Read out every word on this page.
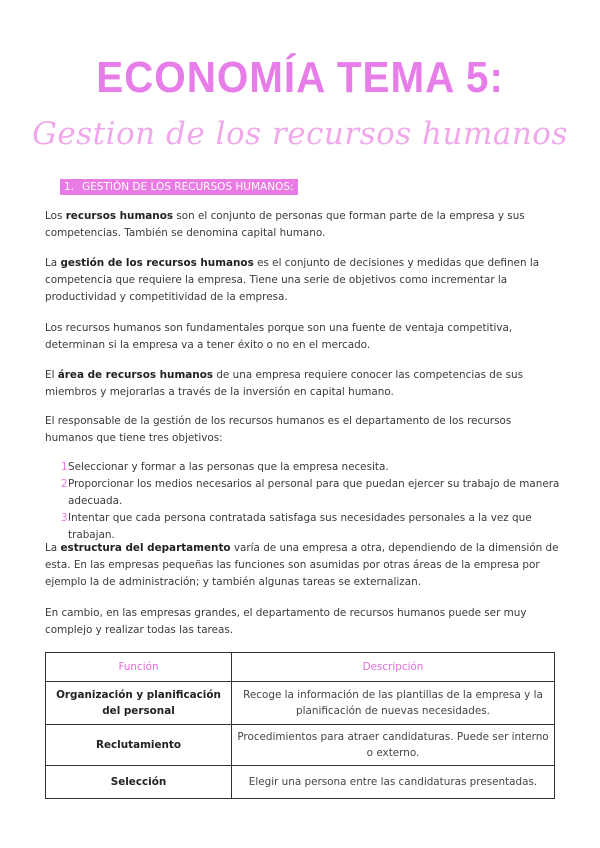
ECONOMÍA TEMA 5:
Gestion de los recursos humanos
1. GESTIÓN DE LOS RECURSOS HUMANOS:

Los recursos humanos son el conjunto de personas que forman parte de la empresa y sus competencias. También se denomina capital humano.

La gestión de los recursos humanos es el conjunto de decisiones y medidas que definen la competencia que requiere la empresa. Tiene una serie de objetivos como incrementar la productividad y competitividad de la empresa.

Los recursos humanos son fundamentales porque son una fuente de ventaja competitiva, determinan si la empresa va a tener éxito o no en el mercado.

El área de recursos humanos de una empresa requiere conocer las competencias de sus miembros y mejorarlas a través de la inversión en capital humano.

El responsable de la gestión de los recursos humanos es el departamento de los recursos humanos que tiene tres objetivos:

1.
Seleccionar y formar a las personas que la empresa necesita.
2.
Proporcionar los medios necesarios al personal para que puedan ejercer su trabajo de manera adecuada.
3.
Intentar que cada persona contratada satisfaga sus necesidades personales a la vez que trabajan.

La estructura del departamento varía de una empresa a otra, dependiendo de la dimensión de esta. En las empresas pequeñas las funciones son asumidas por otras áreas de la empresa por ejemplo la de administración; y también algunas tareas se externalizan.

En cambio, en las empresas grandes, el departamento de recursos humanos puede ser muy complejo y realizar todas las tareas.

Función	Descripción
Organización y planificación del personal	Recoge la información de las plantillas de la empresa y la planificación de nuevas necesidades.
Reclutamiento	Procedimientos para atraer candidaturas. Puede ser interno o externo.
Selección	Elegir una persona entre las candidaturas presentadas.
